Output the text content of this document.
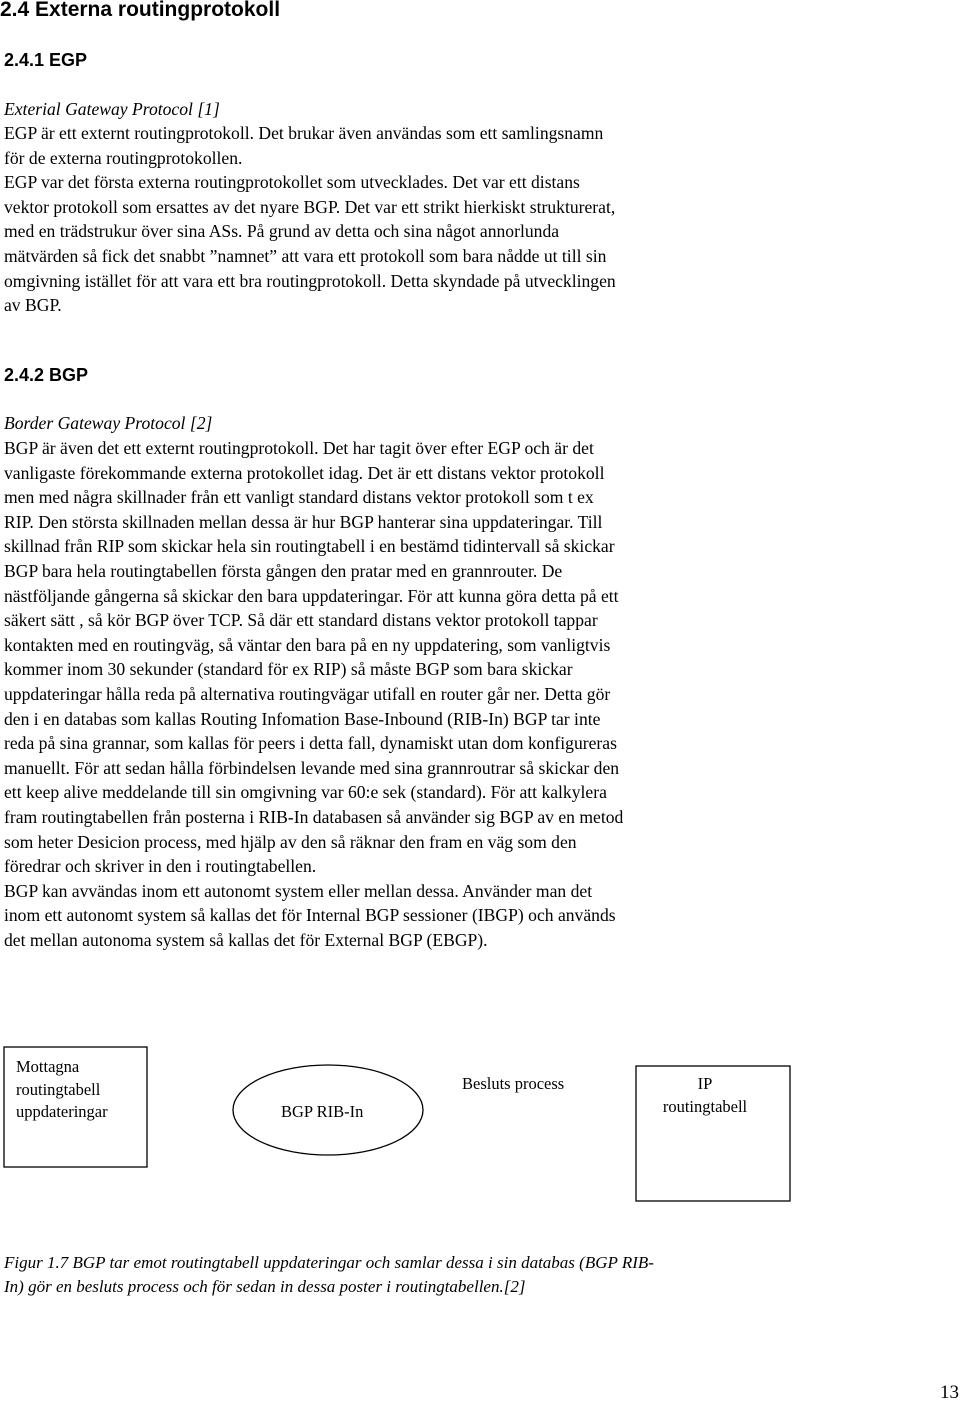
2.4 Externa routingprotokoll
2.4.1 EGP
Exterial Gateway Protocol [1]

EGP är ett externt routingprotokoll. Det brukar även användas som ett samlingsnamn
för de externa routingprotokollen.
EGP var det första externa routingprotokollet som utvecklades. Det var ett distans
vektor protokoll som ersattes av det nyare BGP. Det var ett strikt hierkiskt strukturerat,
med en trädstrukur över sina ASs. På grund av detta och sina något annorlunda
mätvärden så fick det snabbt ”namnet” att vara ett protokoll som bara nådde ut till sin
omgivning istället för att vara ett bra routingprotokoll. Detta skyndade på utvecklingen
av BGP.

2.4.2 BGP
Border Gateway Protocol [2]

BGP är även det ett externt routingprotokoll. Det har tagit över efter EGP och är det
vanligaste förekommande externa protokollet idag. Det är ett distans vektor protokoll
men med några skillnader från ett vanligt standard distans vektor protokoll som t ex
RIP. Den största skillnaden mellan dessa är hur BGP hanterar sina uppdateringar. Till
skillnad från RIP som skickar hela sin routingtabell i en bestämd tidintervall så skickar
BGP bara hela routingtabellen första gången den pratar med en grannrouter. De
nästföljande gångerna så skickar den bara uppdateringar. För att kunna göra detta på ett
säkert sätt , så kör BGP över TCP. Så där ett standard distans vektor protokoll tappar
kontakten med en routingväg, så väntar den bara på en ny uppdatering, som vanligtvis
kommer inom 30 sekunder (standard för ex RIP) så måste BGP som bara skickar
uppdateringar hålla reda på alternativa routingvägar utifall en router går ner. Detta gör
den i en databas som kallas Routing Infomation Base-Inbound (RIB-In) BGP tar inte
reda på sina grannar, som kallas för peers i detta fall, dynamiskt utan dom konfigureras
manuellt. För att sedan hålla förbindelsen levande med sina grannroutrar så skickar den
ett keep alive meddelande till sin omgivning var 60:e sek (standard). För att kalkylera
fram routingtabellen från posterna i RIB-In databasen så använder sig BGP av en metod
som heter Desicion process, med hjälp av den så räknar den fram en väg som den
föredrar och skriver in den i routingtabellen.
BGP kan avvändas inom ett autonomt system eller mellan dessa. Använder man det
inom ett autonomt system så kallas det för Internal BGP sessioner (IBGP) och används
det mellan autonoma system så kallas det för External BGP (EBGP).

Mottagna
routingtabell
uppdateringar	BGP RIB-In
Besluts process	IP
routingtabell
Figur 1.7 BGP tar emot routingtabell uppdateringar och samlar dessa i sin databas (BGP RIB-
In) gör en besluts process och för sedan in dessa poster i routingtabellen.[2]
13
